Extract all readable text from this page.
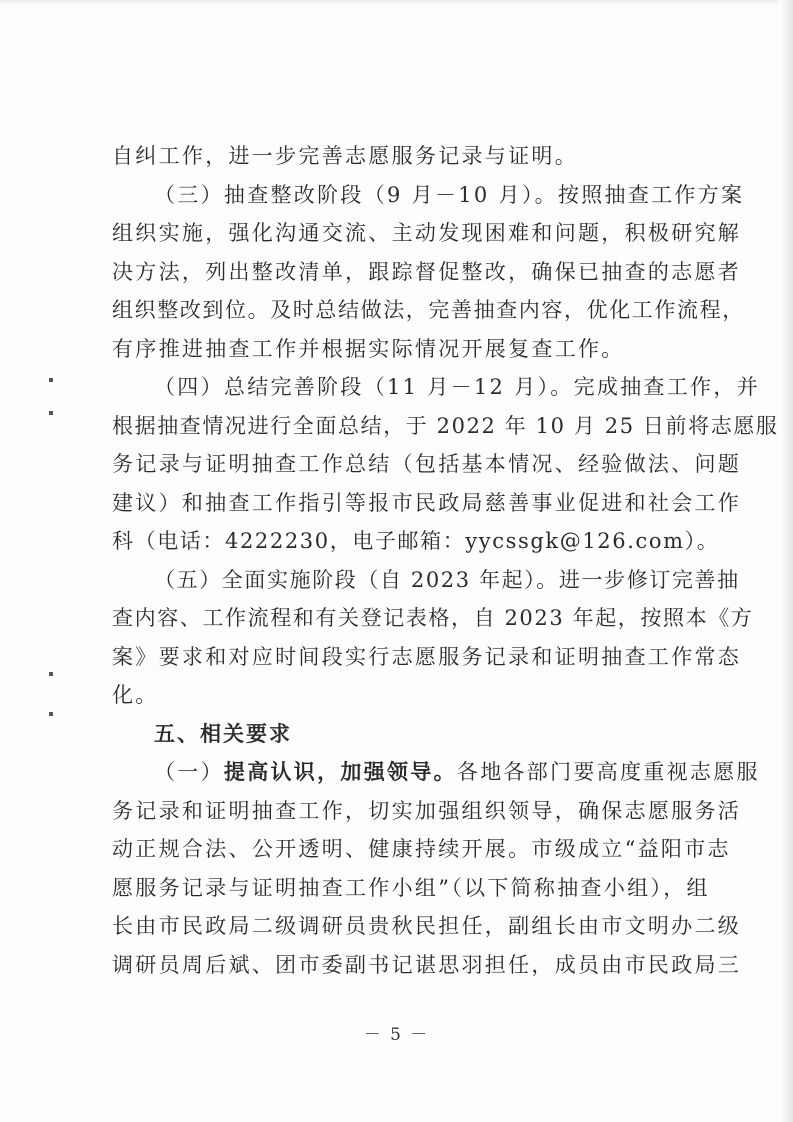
自纠工作，进一步完善志愿服务记录与证明。
（三）抽查整改阶段（9 月－10 月）。按照抽查工作方案
组织实施，强化沟通交流、主动发现困难和问题，积极研究解
决方法，列出整改清单，跟踪督促整改，确保已抽查的志愿者
组织整改到位。及时总结做法，完善抽查内容，优化工作流程，
有序推进抽查工作并根据实际情况开展复查工作。
（四）总结完善阶段（11 月－12 月）。完成抽查工作，并
根据抽查情况进行全面总结，于 2022 年 10 月 25 日前将志愿服
务记录与证明抽查工作总结（包括基本情况、经验做法、问题
建议）和抽查工作指引等报市民政局慈善事业促进和社会工作
科（电话：4222230，电子邮箱：yycssgk@126.com）。
（五）全面实施阶段（自 2023 年起）。进一步修订完善抽
查内容、工作流程和有关登记表格，自 2023 年起，按照本《方
案》要求和对应时间段实行志愿服务记录和证明抽查工作常态
化。
五、相关要求
（一）提高认识，加强领导。各地各部门要高度重视志愿服
务记录和证明抽查工作，切实加强组织领导，确保志愿服务活
动正规合法、公开透明、健康持续开展。市级成立“益阳市志
愿服务记录与证明抽查工作小组”（以下简称抽查小组），组
长由市民政局二级调研员贵秋民担任，副组长由市文明办二级
调研员周后斌、团市委副书记谌思羽担任，成员由市民政局三
－ 5 －
